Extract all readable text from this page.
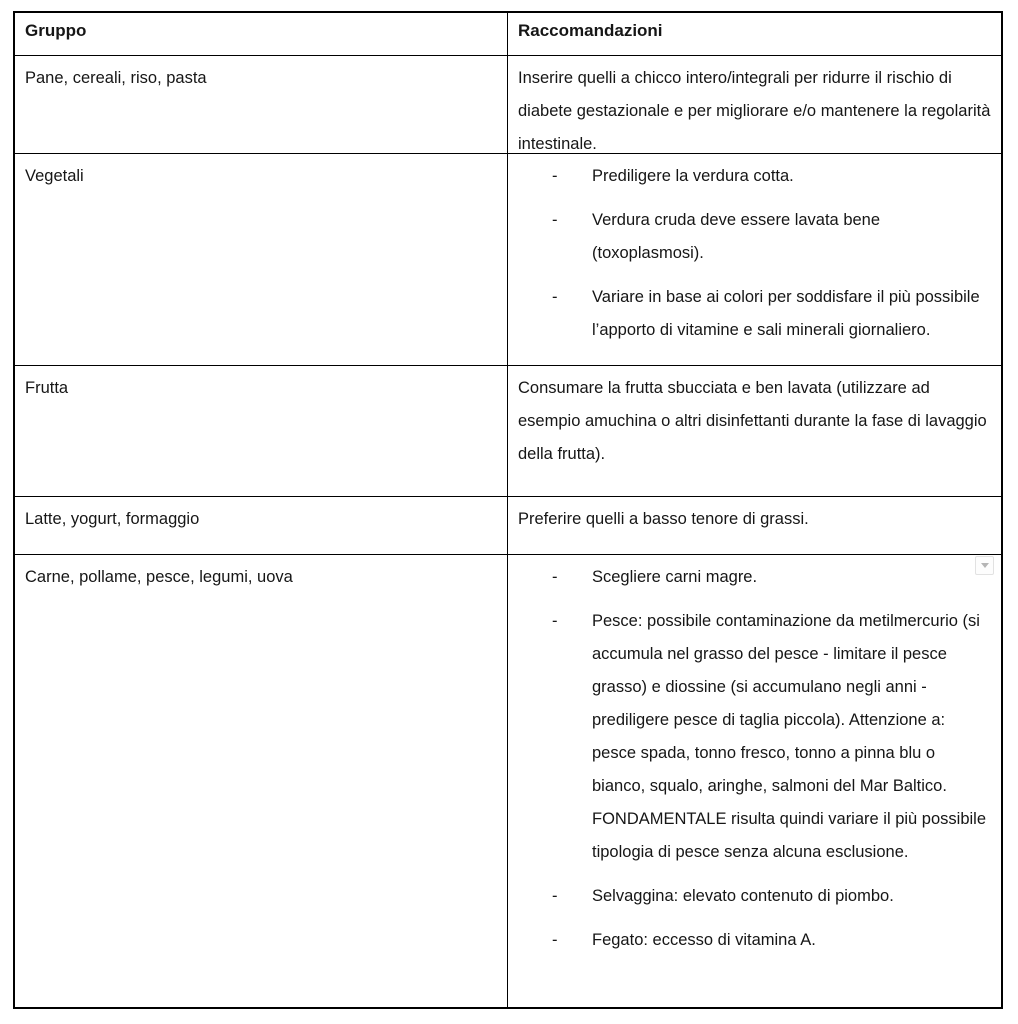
Gruppo	Raccomandazioni
Pane, cereali, riso, pasta	Inserire quelli a chicco intero/integrali per ridurre il rischio di diabete gestazionale e per migliorare e/o mantenere la regolarità intestinale.

Vegetali	- Prediligere la verdura cotta.
- Verdura cruda deve essere lavata bene (toxoplasmosi).
- Variare in base ai colori per soddisfare il più possibile l’apporto di vitamine e sali minerali giornaliero.
Frutta	Consumare la frutta sbucciata e ben lavata (utilizzare ad esempio amuchina o altri disinfettanti durante la fase di lavaggio della frutta).

Latte, yogurt, formaggio	Preferire quelli a basso tenore di grassi.

Carne, pollame, pesce, legumi, uova	- Scegliere carni magre.
- Pesce: possibile contaminazione da metilmercurio (si accumula nel grasso del pesce - limitare il pesce grasso) e diossine (si accumulano negli anni - prediligere pesce di taglia piccola). Attenzione a: pesce spada, tonno fresco, tonno a pinna blu o bianco, squalo, aringhe, salmoni del Mar Baltico. FONDAMENTALE risulta quindi variare il più possibile tipologia di pesce senza alcuna esclusione.
- Selvaggina: elevato contenuto di piombo.
- Fegato: eccesso di vitamina A.
